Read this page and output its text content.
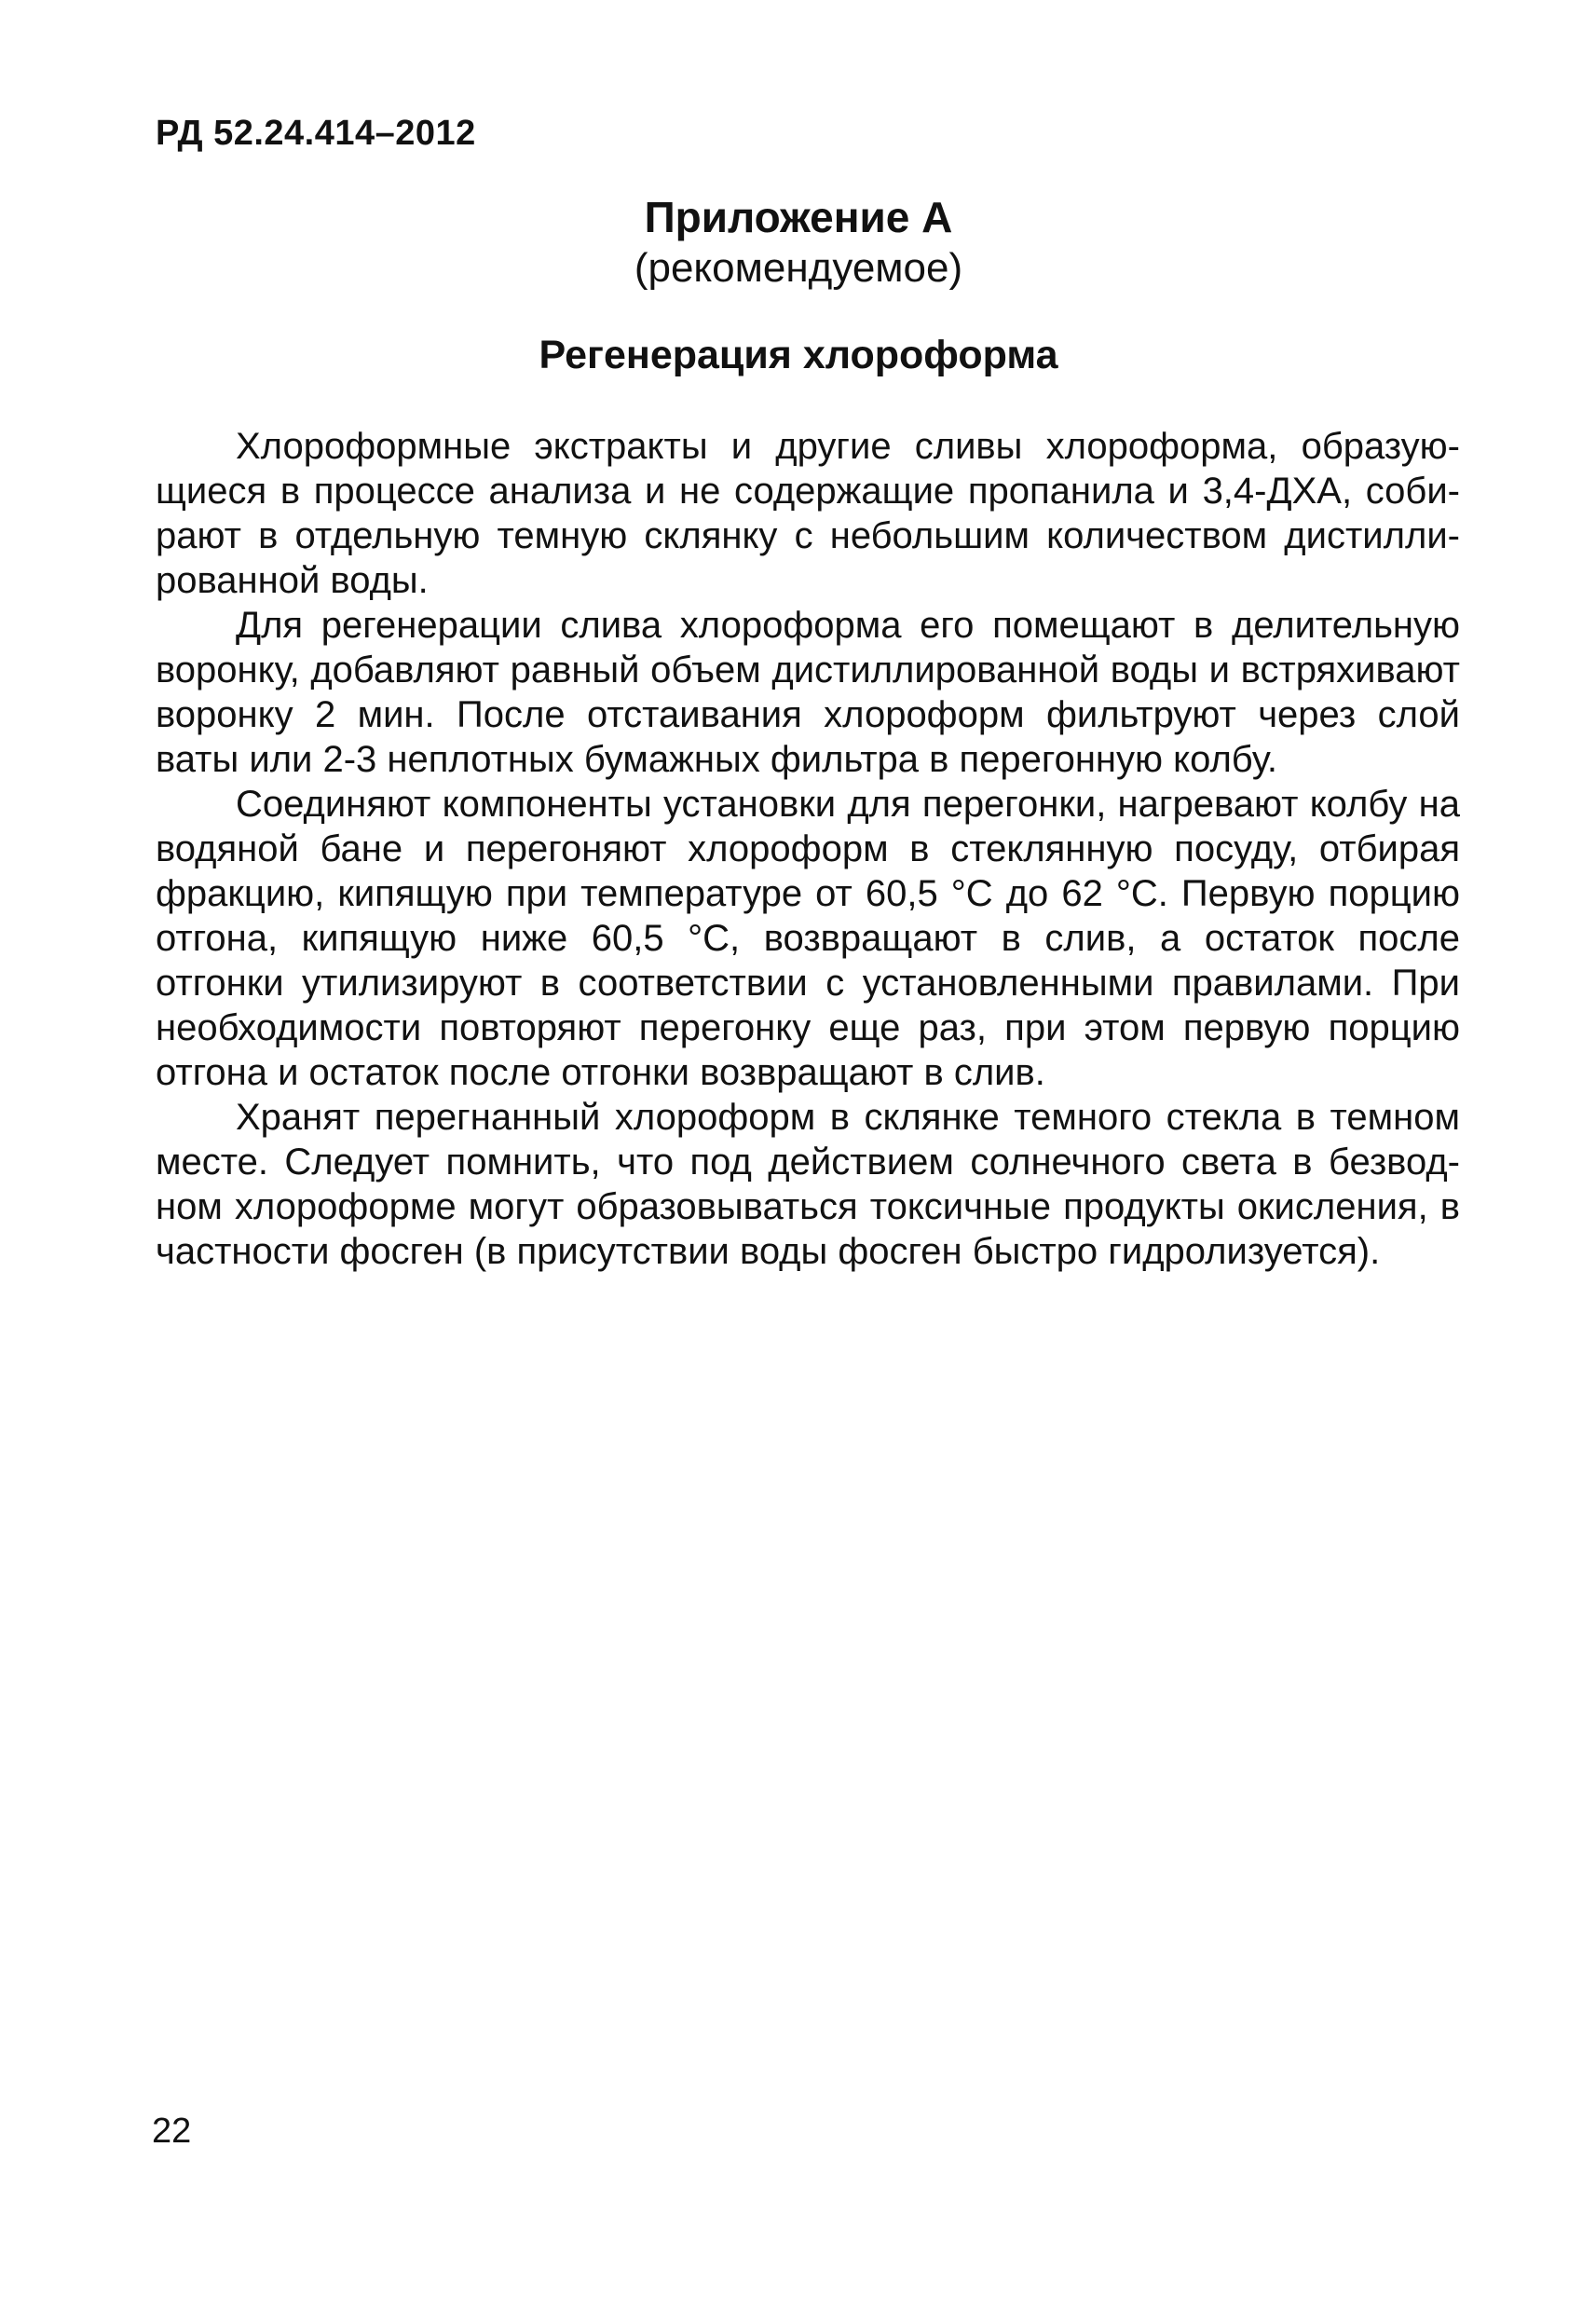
РД 52.24.414–2012
Приложение А
(рекомендуемое)
Регенерация хлороформа

Хлороформные экстракты и другие сливы хлороформа, образующиеся в процессе анализа и не содержащие пропанила и 3,4-ДХА, собирают в отдельную темную склянку с небольшим количеством дистиллированной воды.

Для регенерации слива хлороформа его помещают в делительную воронку, добавляют равный объем дистиллированной воды и встряхивают воронку 2 мин. После отстаивания хлороформ фильтруют через слой ваты или 2-3 неплотных бумажных фильтра в перегонную колбу.

Соединяют компоненты установки для перегонки, нагревают колбу на водяной бане и перегоняют хлороформ в стеклянную посуду, отбирая фракцию, кипящую при температуре от 60,5 °С до 62 °С. Первую порцию отгона, кипящую ниже 60,5 °С, возвращают в слив, а остаток после отгонки утилизируют в соответствии с установленными правилами. При необходимости повторяют перегонку еще раз, при этом первую порцию отгона и остаток после отгонки возвращают в слив.

Хранят перегнанный хлороформ в склянке темного стекла в темном месте. Следует помнить, что под действием солнечного света в безводном хлороформе могут образовываться токсичные продукты окисления, в частности фосген (в присутствии воды фосген быстро гидролизуется).

22
